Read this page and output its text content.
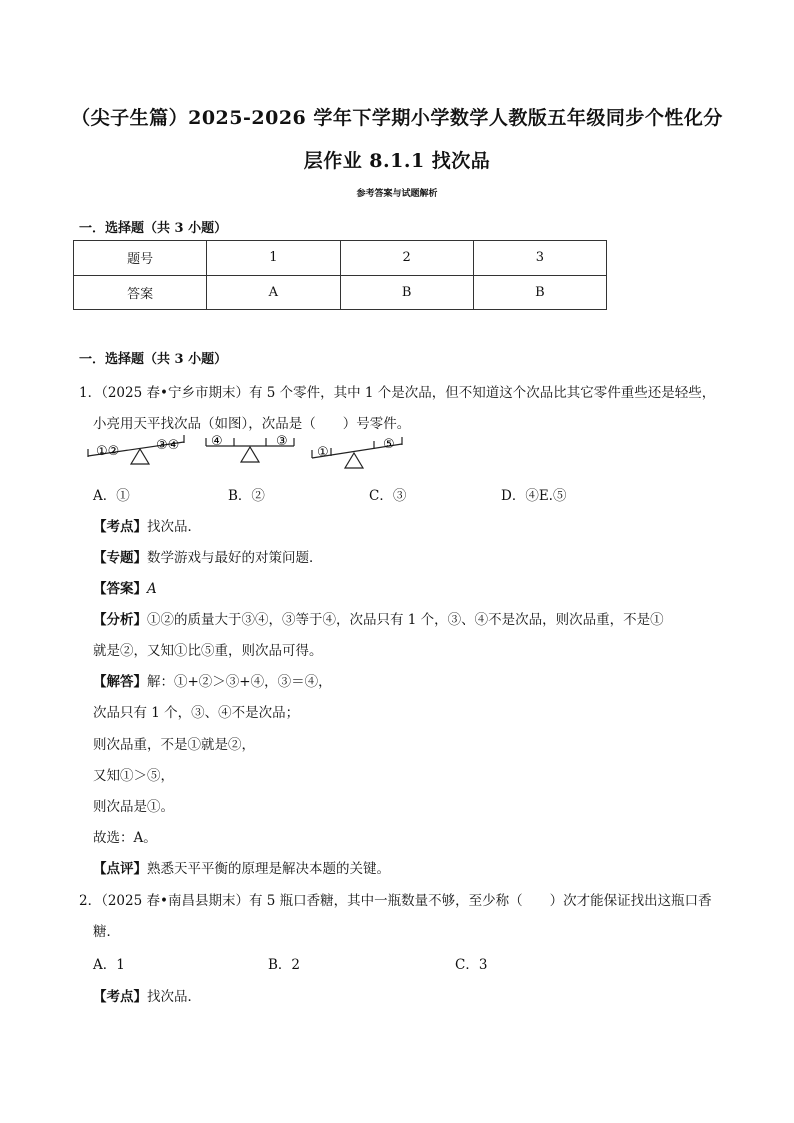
（尖子生篇）2025-2026 学年下学期小学数学人教版五年级同步个性化分
层作业 8.1.1 找次品
参考答案与试题解析
一．选择题（共 3 小题）
题号	1	2	3
答案	A	B	B
一．选择题（共 3 小题）
1．（2025 春•宁乡市期末）有 5 个零件，其中 1 个是次品，但不知道这个次品比其它零件重些还是轻些，
小亮用天平找次品（如图），次品是（　　）号零件。
①②	③④ ④	③
①
⑤
A．①	B．②	C．③	D．④E.⑤
【考点】找次品．
【专题】数学游戏与最好的对策问题．
【答案】A
【分析】①②的质量大于③④，③等于④，次品只有 1 个，③、④不是次品，则次品重，不是①
就是②，又知①比⑤重，则次品可得。
【解答】解：①+②＞③+④，③＝④，
次品只有 1 个，③、④不是次品；
则次品重，不是①就是②，
又知①＞⑤，
则次品是①。
故选：A。
【点评】熟悉天平平衡的原理是解决本题的关键。
2．（2025 春•南昌县期末）有 5 瓶口香糖，其中一瓶数量不够，至少称（　　）次才能保证找出这瓶口香
糖．
A．1	B．2	C．3
【考点】找次品．
